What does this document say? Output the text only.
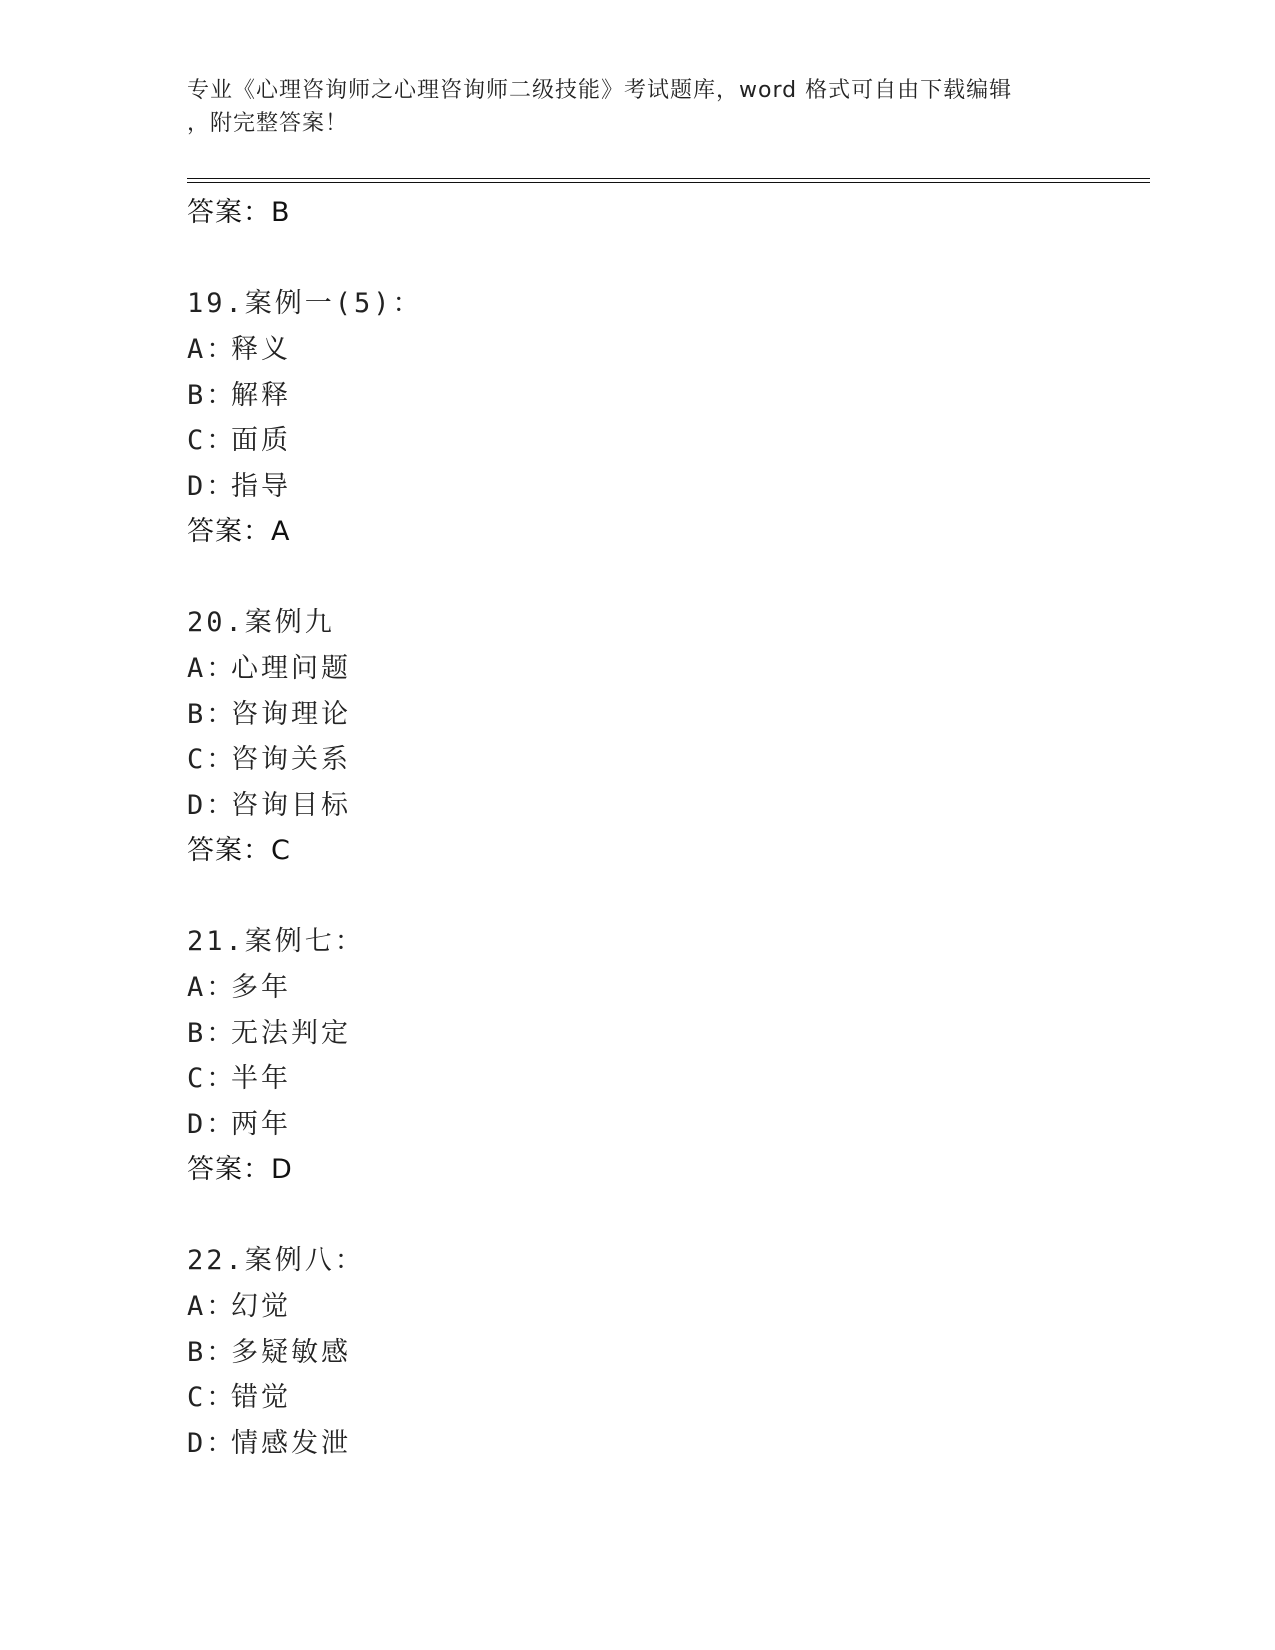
专业《心理咨询师之心理咨询师二级技能》考试题库，word 格式可自由下载编辑
，附完整答案！
答案：B
19.案例一(5)：
A：释义
B：解释
C：面质
D：指导
答案：A
20.案例九
A：心理问题
B：咨询理论
C：咨询关系
D：咨询目标
答案：C
21.案例七：
A：多年
B：无法判定
C：半年
D：两年
答案：D
22.案例八：
A：幻觉
B：多疑敏感
C：错觉
D：情感发泄
